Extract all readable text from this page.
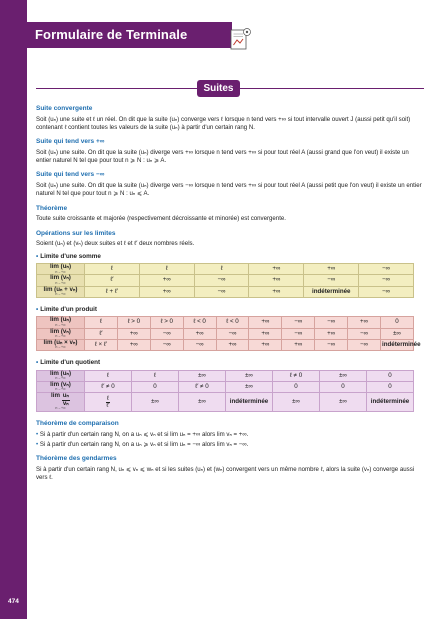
474
Formulaire de Terminale
Suites
Suite convergente
Soit (uₙ) une suite et ℓ un réel. On dit que la suite (uₙ) converge vers ℓ lorsque n tend vers +∞ si tout intervalle ouvert J (aussi petit qu'il soit) contenant ℓ contient toutes les valeurs de la suite (uₙ) à partir d'un certain rang N.
Suite qui tend vers +∞
Soit (uₙ) une suite. On dit que la suite (uₙ) diverge vers +∞ lorsque n tend vers +∞ si pour tout réel A (aussi grand que l'on veut) il existe un entier naturel N tel que pour tout n ⩾ N : uₙ ⩾ A.
Suite qui tend vers −∞
Soit (uₙ) une suite. On dit que la suite (uₙ) diverge vers −∞ lorsque n tend vers +∞ si pour tout réel A (aussi petit que l'on veut) il existe un entier naturel N tel que pour tout n ⩾ N : uₙ ⩽ A.
Théorème
Toute suite croissante et majorée (respectivement décroissante et minorée) est convergente.
Opérations sur les limites
Soient (uₙ) et (vₙ) deux suites et ℓ et ℓ′ deux nombres réels.
• Limite d'une somme
lim (uₙ)
n→+∞	ℓ	ℓ	ℓ	+∞	+∞	−∞
lim (vₙ)
n→+∞	ℓ′	+∞	−∞	+∞	−∞	−∞
lim (uₙ + vₙ)
n→+∞	ℓ + ℓ′	+∞	−∞	+∞	indéterminée	−∞
• Limite d'un produit
lim (uₙ)
n→+∞	ℓ	ℓ > 0	ℓ > 0	ℓ < 0	ℓ < 0	+∞	−∞	−∞	+∞	0
lim (vₙ)
n→+∞	ℓ′	+∞	−∞	+∞	−∞	+∞	−∞	+∞	−∞	±∞
lim (uₙ × vₙ)
n→+∞	ℓ × ℓ′	+∞	−∞	−∞	+∞	+∞	+∞	−∞	−∞	indéterminée
• Limite d'un quotient
lim (uₙ)
n→+∞	ℓ	ℓ	±∞	±∞	ℓ ≠ 0	±∞	0
lim (vₙ)
n→+∞	ℓ′ ≠ 0	0	ℓ′ ≠ 0	±∞	0	0	0
$\lim \frac{\text{uₙ}}{\text{vₙ}}$
n→+∞	$\frac{\text{ℓ}}{\text{ℓ′}}$	±∞	±∞	indéterminée	±∞	±∞	indéterminée
Théorème de comparaison
• Si à partir d'un certain rang N, on a uₙ ⩽ vₙ et si lim uₙ = +∞ alors lim vₙ = +∞.
• Si à partir d'un certain rang N, on a uₙ ⩾ vₙ et si lim uₙ = −∞ alors lim vₙ = −∞.
Théorème des gendarmes
Si à partir d'un certain rang N, uₙ ⩽ vₙ ⩽ wₙ et si les suites (uₙ) et (wₙ) convergent vers un même nombre ℓ, alors la suite (vₙ) converge aussi vers ℓ.
